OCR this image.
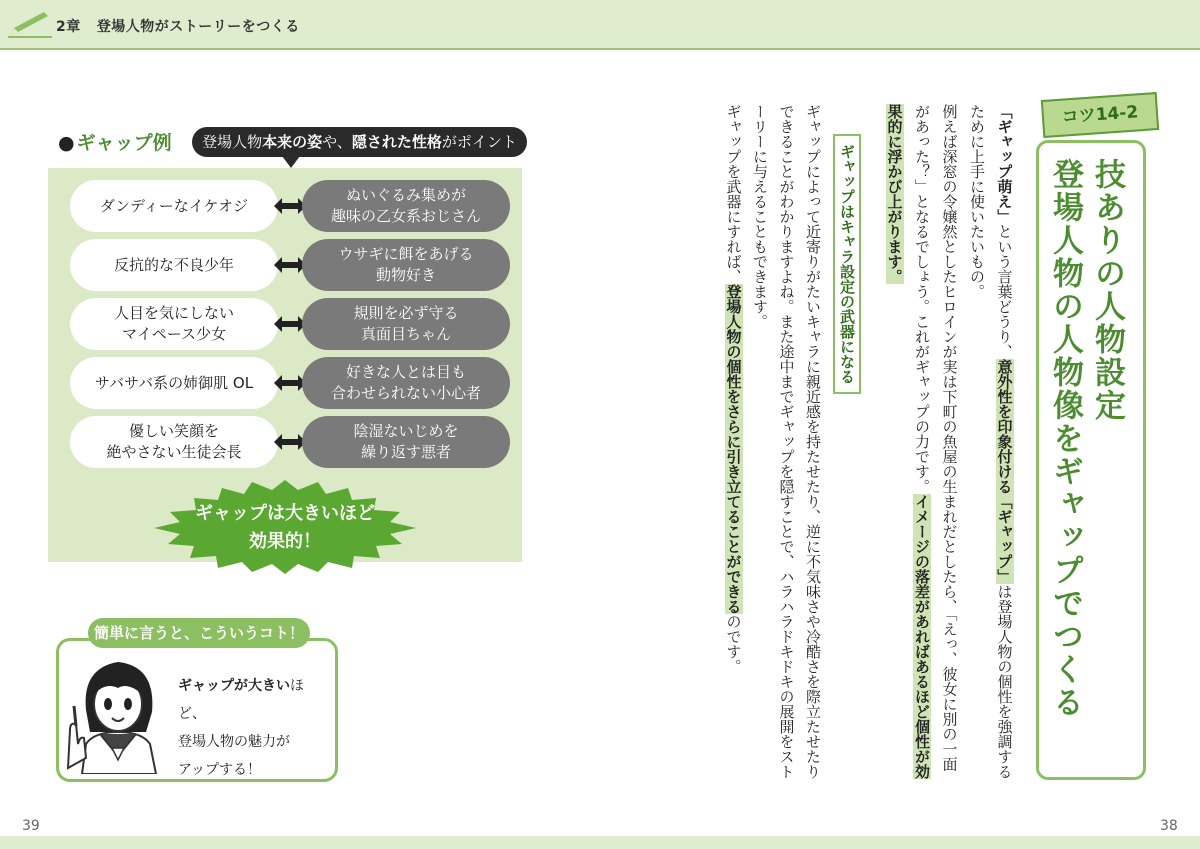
2章 登場人物がストーリーをつくる
● ギャップ例	登場人物本来の姿や、隠された性格がポイント
ダンディーなイケオジ
ぬいぐるみ集めが
趣味の乙女系おじさん
反抗的な不良少年
ウサギに餌をあげる
動物好き
人目を気にしない
マイペース少女
規則を必ず守る
真面目ちゃん
サバサバ系の姉御肌 OL
好きな人とは目も
合わせられない小心者
優しい笑顔を
絶やさない生徒会長
陰湿ないじめを
繰り返す悪者
ギャップは大きいほど
効果的！
簡単に言うと、こういうコト！
ギャップが大きいほど、
登場人物の魅力が
アップする！
コツ14-2
技ありの人物設定
登場人物の人物像をギャップでつくる
「ギャップ萌え」という言葉どうり、意外性を印象付ける「ギャップ」は登場人物の個性を強調するために上手に使いたいもの。
例えば深窓の令嬢然としたヒロインが実は下町の魚屋の生まれだとしたら、「えっ、彼女に別の一面があった？」となるでしょう。これがギャップの力です。イメージの落差があればあるほど個性が効果的に浮かび上がります。
ギャップはキャラ設定の武器になる
ギャップによって近寄りがたいキャラに親近感を持たせたり、逆に不気味さや冷酷さを際立たせたりできることがわかりますよね。また途中までギャップを隠すことで、ハラハラドキドキの展開をストーリーに与えることもできます。
ギャップを武器にすれば、登場人物の個性をさらに引き立てることができるのです。
39	38
